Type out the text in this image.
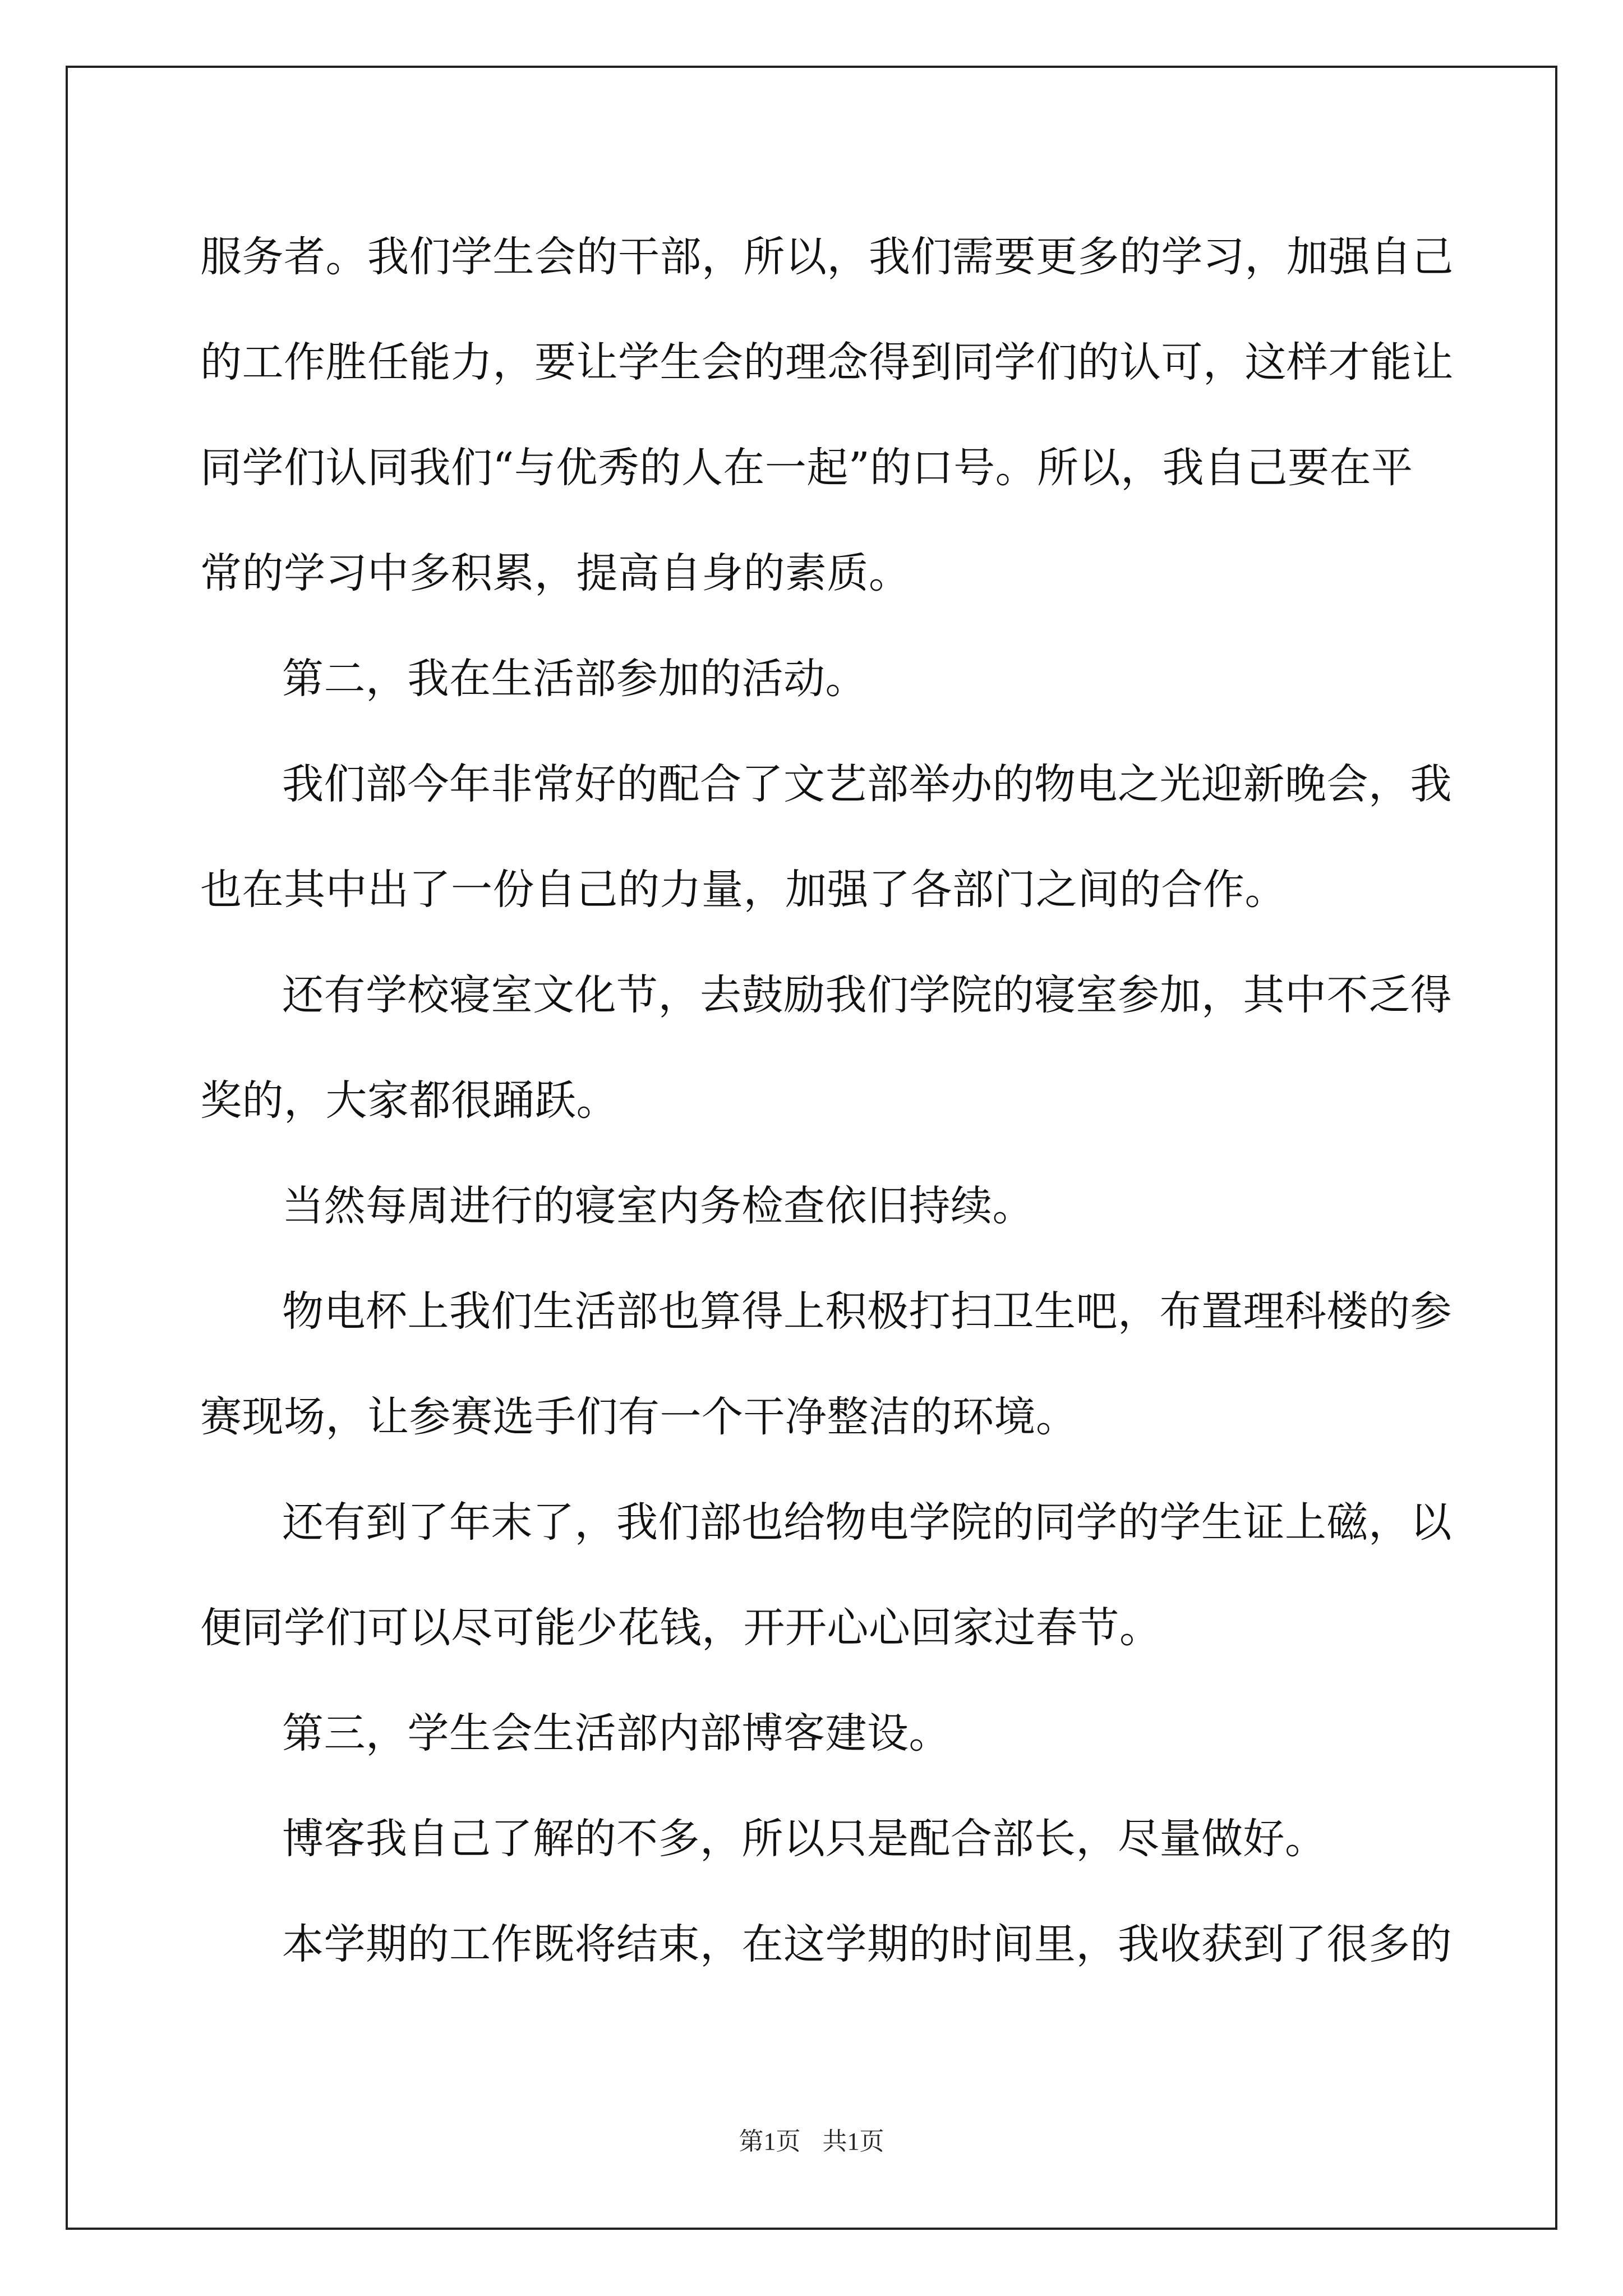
服务者。我们学生会的干部，所以，我们需要更多的学习，加强自己
的工作胜任能力，要让学生会的理念得到同学们的认可，这样才能让
同学们认同我们“与优秀的人在一起”的口号。所以，我自己要在平
常的学习中多积累，提高自身的素质。
第二，我在生活部参加的活动。
我们部今年非常好的配合了文艺部举办的物电之光迎新晚会，我
也在其中出了一份自己的力量，加强了各部门之间的合作。
还有学校寝室文化节，去鼓励我们学院的寝室参加，其中不乏得
奖的，大家都很踊跃。
当然每周进行的寝室内务检查依旧持续。
物电杯上我们生活部也算得上积极打扫卫生吧，布置理科楼的参
赛现场，让参赛选手们有一个干净整洁的环境。
还有到了年末了，我们部也给物电学院的同学的学生证上磁，以
便同学们可以尽可能少花钱，开开心心回家过春节。
第三，学生会生活部内部博客建设。
博客我自己了解的不多，所以只是配合部长，尽量做好。
本学期的工作既将结束，在这学期的时间里，我收获到了很多的
第1页 共1页
